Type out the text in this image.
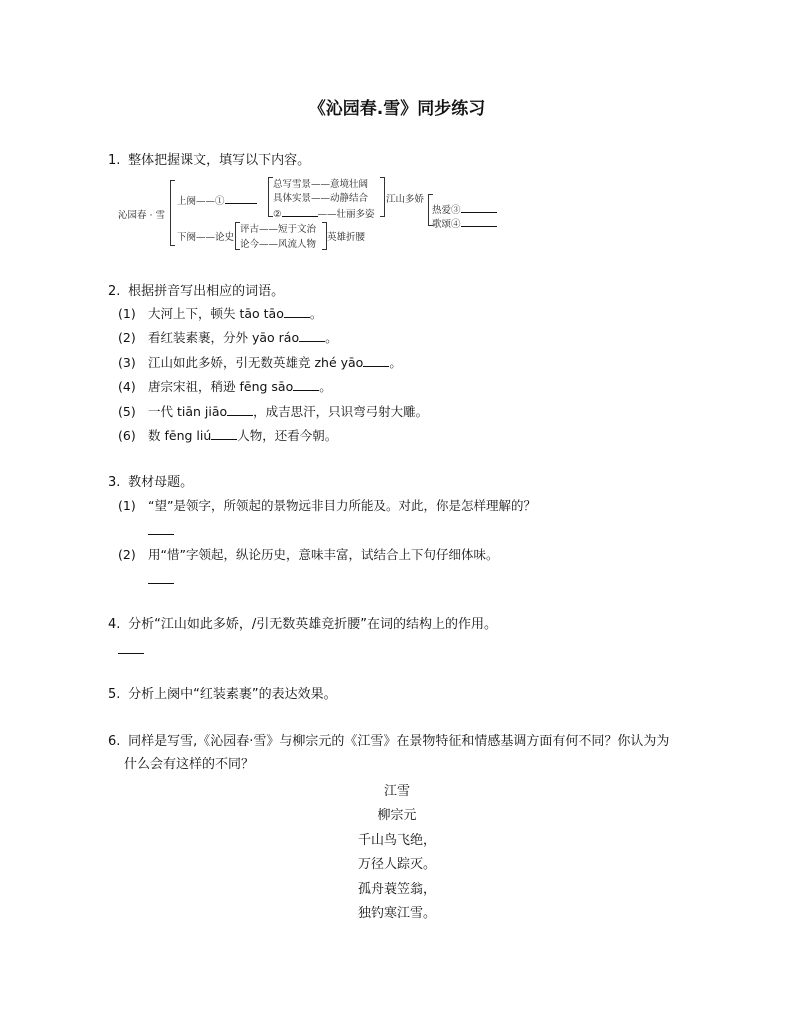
《沁园春.雪》同步练习
1. 整体把握课文，填写以下内容。
沁园春 · 雪
上阕——①
下阕——论史
总写雪景——意境壮阔
具体实景——动静结合
②	——壮丽多姿
江山多娇
热爱③
歌颂④
评古——短于文治
论今——风流人物
英雄折腰
2. 根据拼音写出相应的词语。
(1) 大河上下，顿失 tāo tāo 。
(2) 看红装素裹，分外 yāo ráo 。
(3) 江山如此多娇，引无数英雄竞 zhé yāo 。
(4) 唐宗宋祖，稍逊 fēng sāo 。
(5) 一代 tiān jiāo ，成吉思汗，只识弯弓射大雕。
(6) 数 fēng liú 人物，还看今朝。
3. 教材母题。
(1) “望”是领字，所领起的景物远非目力所能及。对此，你是怎样理解的？
(2) 用“惜”字领起，纵论历史，意味丰富，试结合上下句仔细体味。
4. 分析“江山如此多娇，/引无数英雄竞折腰”在词的结构上的作用。
5. 分析上阕中“红装素裹”的表达效果。
6. 同样是写雪,《沁园春·雪》与柳宗元的《江雪》在景物特征和情感基调方面有何不同？你认为为
什么会有这样的不同？
江雪
柳宗元
千山鸟飞绝，
万径人踪灭。
孤舟蓑笠翁，
独钓寒江雪。
